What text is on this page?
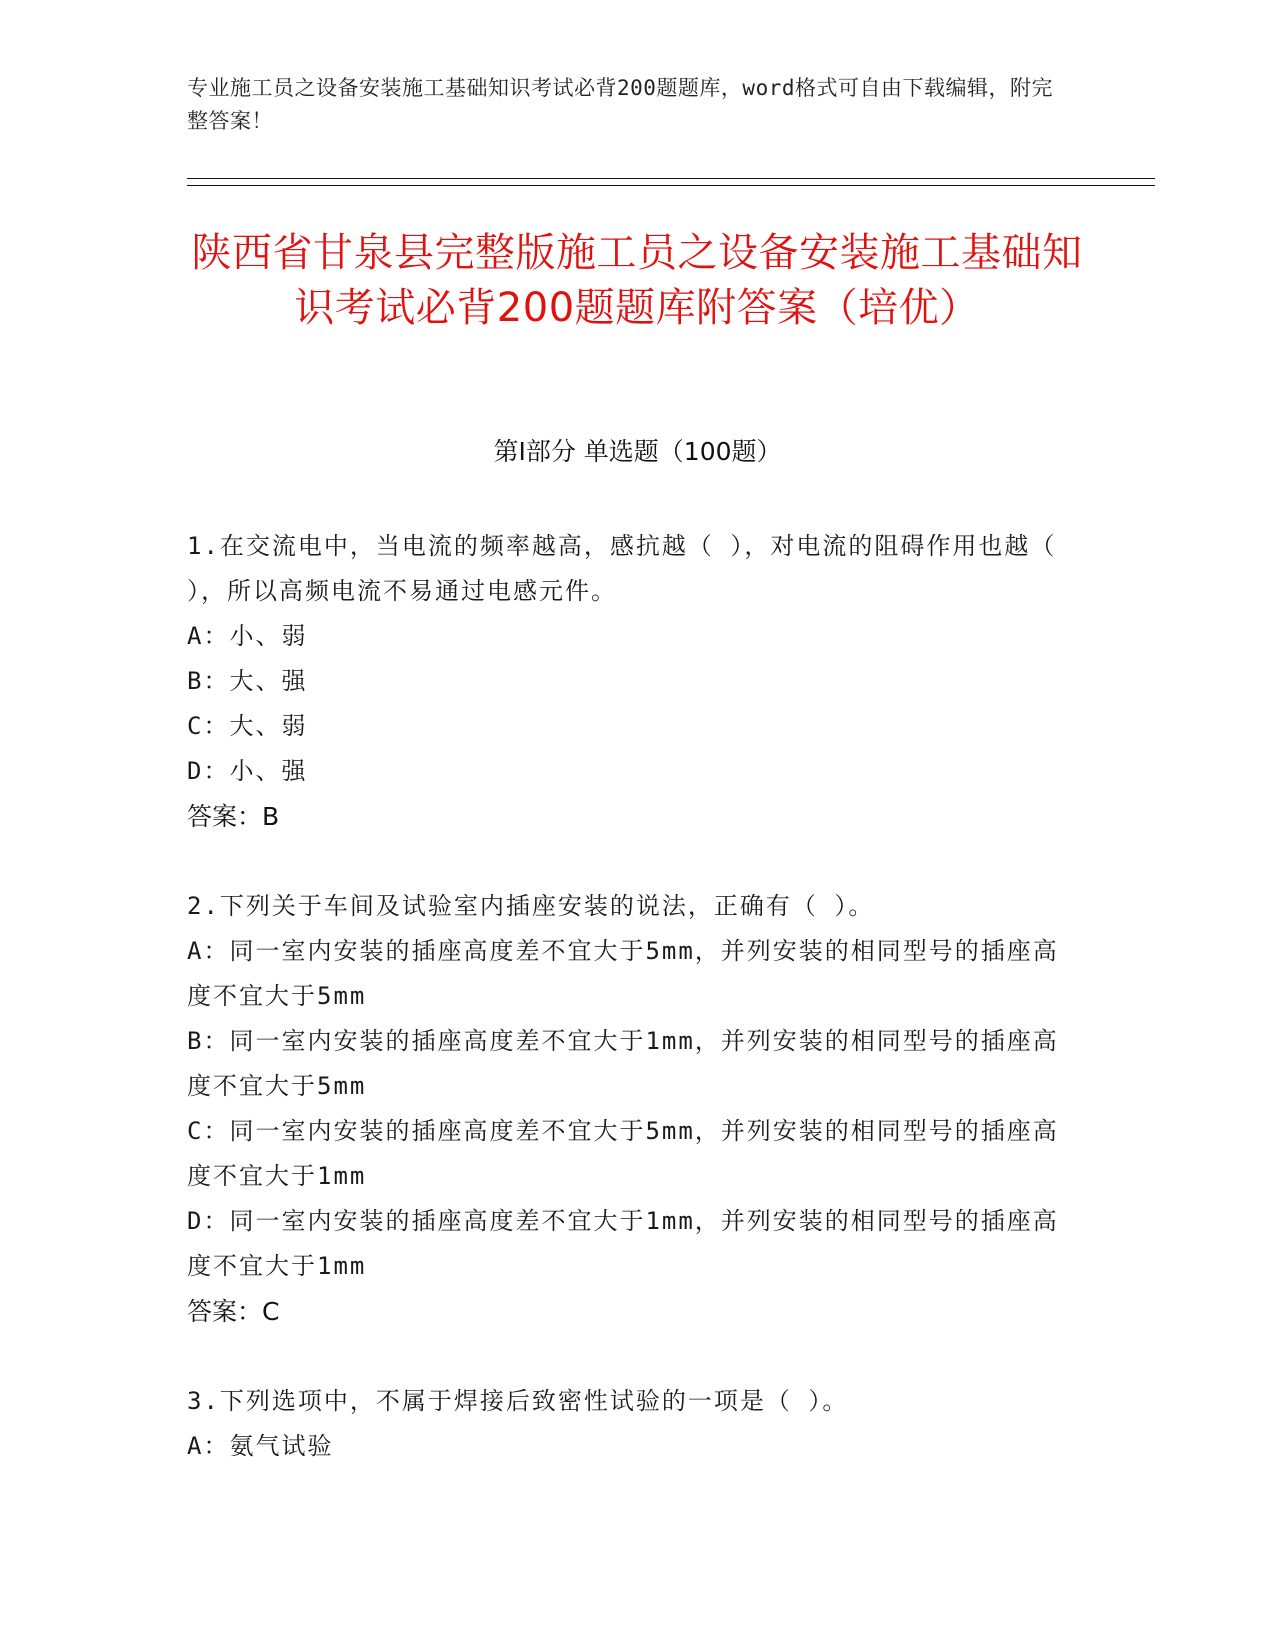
专业施工员之设备安装施工基础知识考试必背200题题库，word格式可自由下载编辑，附完整答案！
陕西省甘泉县完整版施工员之设备安装施工基础知识考试必背200题题库附答案（培优）
第Ⅰ部分 单选题（100题）

1.在交流电中，当电流的频率越高，感抗越（ ），对电流的阻碍作用也越（ ），所以高频电流不易通过电感元件。

A：小、弱

B：大、强

C：大、弱

D：小、强

答案：B

2.下列关于车间及试验室内插座安装的说法，正确有（ ）。

A：同一室内安装的插座高度差不宜大于5mm，并列安装的相同型号的插座高度不宜大于5mm

B：同一室内安装的插座高度差不宜大于1mm，并列安装的相同型号的插座高度不宜大于5mm

C：同一室内安装的插座高度差不宜大于5mm，并列安装的相同型号的插座高度不宜大于1mm

D：同一室内安装的插座高度差不宜大于1mm，并列安装的相同型号的插座高度不宜大于1mm

答案：C

3.下列选项中，不属于焊接后致密性试验的一项是（ ）。

A：氨气试验
